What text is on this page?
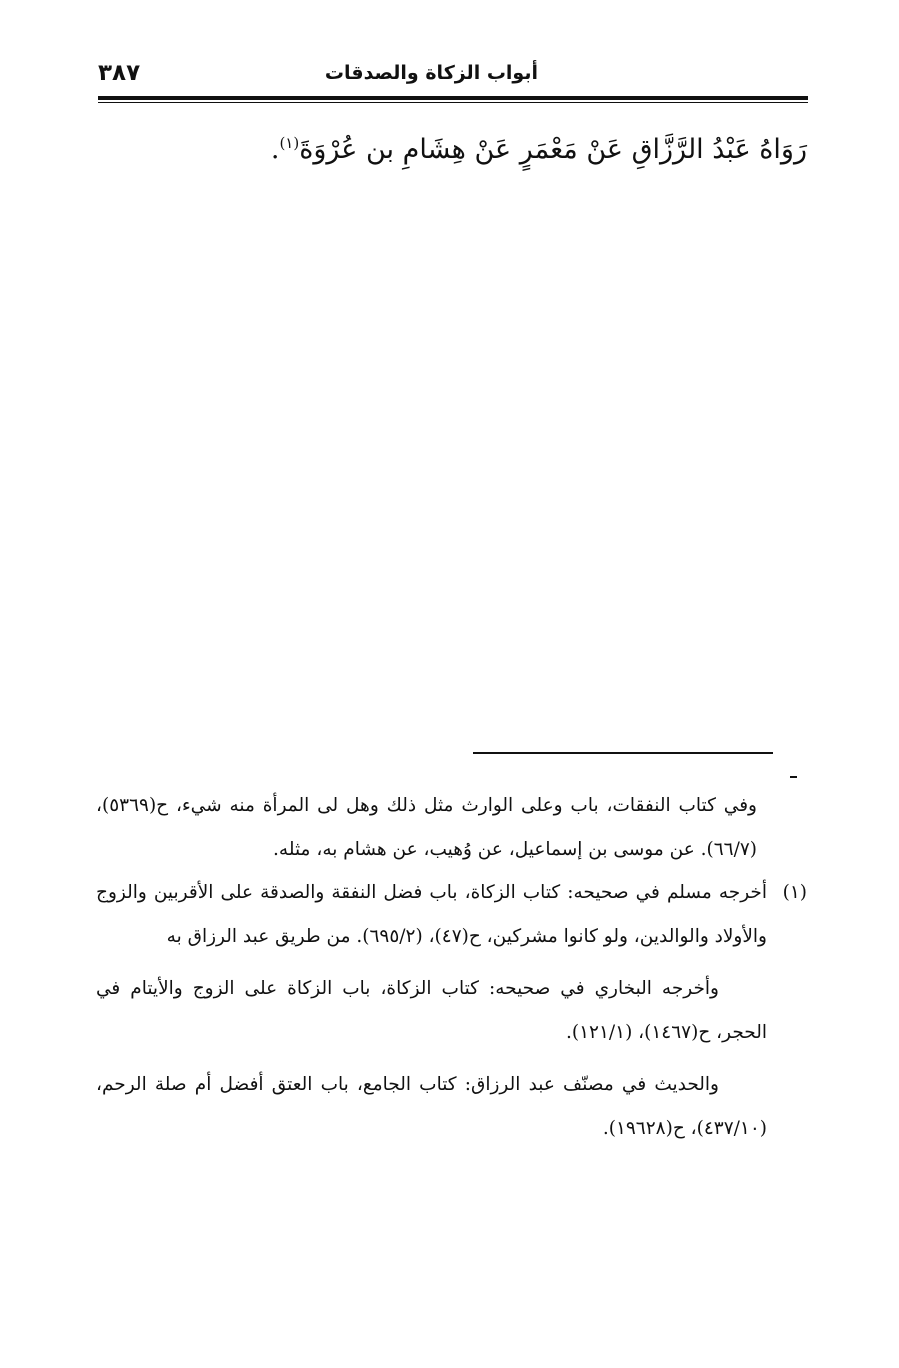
أبواب الزكاة والصدقات
٣٨٧
رَوَاهُ عَبْدُ الرَّزَّاقِ عَنْ مَعْمَرٍ عَنْ هِشَامِ بن عُرْوَةَ$^{(١)}$.

وفي كتاب النفقات، باب وعلى الوارث مثل ذلك وهل لى المرأة منه شيء، ح(٥٣٦٩)، (٦٦/٧). عن موسى بن إسماعيل، عن وُهيب، عن هشام به، مثله.

(١)

أخرجه مسلم في صحيحه: كتاب الزكاة، باب فضل النفقة والصدقة على الأقربين والزوج والأولاد والوالدين، ولو كانوا مشركين، ح(٤٧)، (٦٩٥/٢). من طريق عبد الرزاق به

وأخرجه البخاري في صحيحه: كتاب الزكاة، باب الزكاة على الزوج والأيتام في الحجر، ح(١٤٦٧)، (١٢١/١).

والحديث في مصنّف عبد الرزاق: كتاب الجامع، باب العتق أفضل أم صلة الرحم، (٤٣٧/١٠)، ح(١٩٦٢٨).
